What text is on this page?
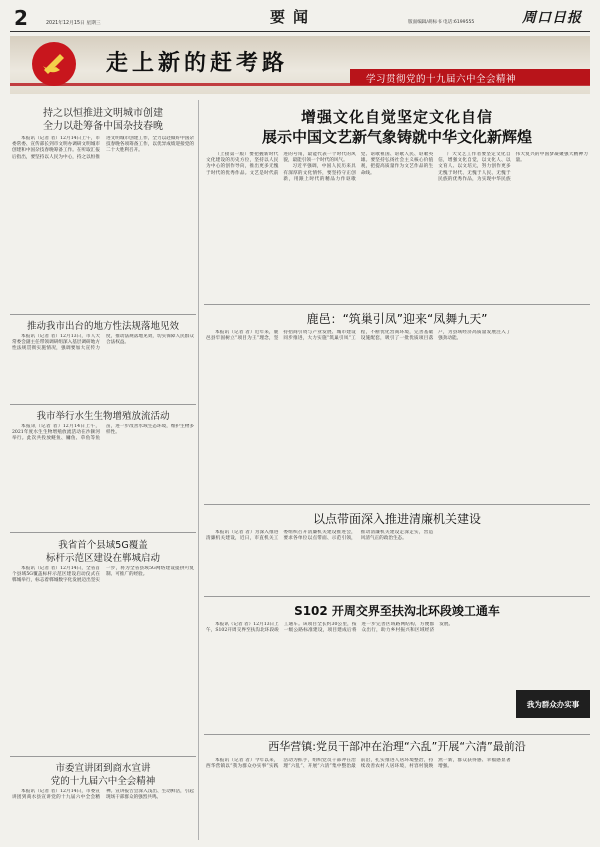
2	2021年12月15日 星期三	要闻	版面编辑/胡标书 电话:6199555	周口日报
走上新的赶考路
学习贯彻党的十九届六中全会精神
持之以恒推进文明城市创建
全力以赴筹备中国杂技春晚

本报讯（记者 者）12月14日上午，市委常委、宣传部长到市文明办调研文明城市创建和中国杂技春晚筹备工作。在听取汇报后指出，要坚持以人民为中心，持之以恒推进文明城市创建工作，全力以赴做好中国杂技春晚各项筹备工作，以优异成绩迎接党的二十大胜利召开。

推动我市出台的地方性法规落地见效

本报讯（记者 者）12月13日，市人大常委会副主任带领调研组深入基层调研地方性法规贯彻实施情况，强调要加大宣传力度，推动法规落地见效，切实保障人民群众合法权益。

我市举行水生生物增殖放流活动

本报讯（记者 者）12月14日上午，2021年度水生生物增殖放流活动在沙颍河举行。此次共投放鲢鱼、鳙鱼、草鱼等鱼苗，进一步改善水域生态环境，维护生物多样性。

我省首个县域5G覆盖
标杆示范区建设在郸城启动

本报讯（记者 者）12月14日，全省首个县域5G覆盖标杆示范区建设启动仪式在郸城举行，标志着郸城数字化发展迈出坚实一步，将为全省县域5G网络建设提供可复制、可推广的经验。

市委宣讲团到商水宣讲
党的十九届六中全会精神

本报讯（记者 者）12月14日，市委宣讲团到商水县宣讲党的十九届六中全会精神。宣讲报告会深入浅出、生动鲜活，引起现场干部群众的强烈共鸣。

增强文化自觉坚定文化自信
展示中国文艺新气象铸就中华文化新辉煌

（上接第一版）要把握新时代文化建设的历史方位，坚持以人民为中心的创作导向，推出更多无愧于时代的优秀作品。文艺是时代前进的号角，最能代表一个时代的风貌，最能引领一个时代的风气。

习近平强调，中国人民历来具有深厚的文化情怀，要坚持守正创新，用跟上时代的精品力作讴歌党、讴歌祖国、讴歌人民、讴歌英雄。要坚持弘扬社会主义核心价值观，把提高质量作为文艺作品的生命线。

广大文艺工作者要坚定文化自信，增强文化自觉，以文化人、以文育人、以文培元，努力创作更多无愧于时代、无愧于人民、无愧于民族的优秀作品，为实现中华民族伟大复兴的中国梦凝聚强大精神力量。

鹿邑：“筑巢引凤”迎来“凤舞九天”

本报讯（记者 者）近年来，鹿邑县牢固树立“项目为王”理念，坚持招商引资与产业发展、城市建设同步推进，大力实施“筑巢引凤”工程，不断优化营商环境，完善基础设施配套，吸引了一批优质项目落户，为县域经济高质量发展注入了强劲动能。

以点带面深入推进清廉机关建设

本报讯（记者 者）为深入推进清廉机关建设，近日，市直机关工委组织召开清廉机关建设推进会，要求各单位以点带面、示范引领，推动清廉机关建设走深走实，营造风清气正的政治生态。

S102 开周交界至扶沟北环段竣工通车

本报讯（记者 者）12月13日上午，S102开周交界至扶沟北环段竣工通车。该项目全长约30公里，按一级公路标准建设，项目建成后将进一步完善区域路网结构，方便群众出行，助力乡村振兴和区域经济发展。

我为群众办实事
西华营镇:党员干部冲在治理“六乱”开展“六清”最前沿

本报讯（记者 者）今年以来，西华营镇以“我为群众办实事”实践活动为抓手，组织党员干部冲在治理“六乱”、开展“六清”集中整治最前沿，扎实推进人居环境整治，持续改善农村人居环境，村容村貌焕然一新，群众获得感、幸福感显著增强。
